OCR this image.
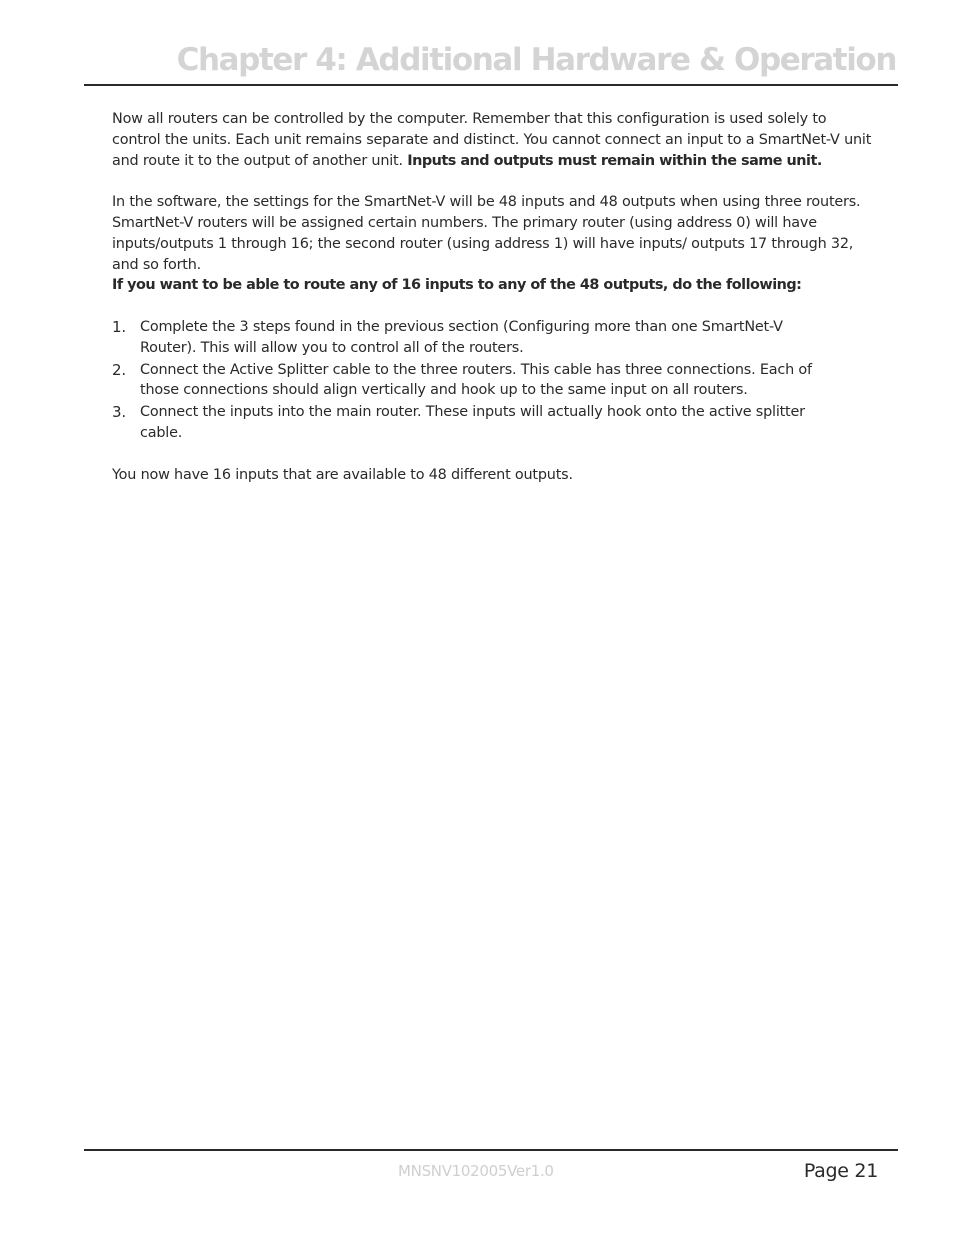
Chapter 4: Additional Hardware & Operation

Now all routers can be controlled by the computer. Remember that this configuration is used solely to control the units. Each unit remains separate and distinct. You cannot connect an input to a SmartNet-V unit and route it to the output of another unit. Inputs and outputs must remain within the same unit.

In the software, the settings for the SmartNet-V will be 48 inputs and 48 outputs when using three routers. SmartNet-V routers will be assigned certain numbers. The primary router (using address 0) will have inputs/outputs 1 through 16; the second router (using address 1) will have inputs/ outputs 17 through 32, and so forth.

If you want to be able to route any of 16 inputs to any of the 48 outputs, do the following:

1. Complete the 3 steps found in the previous section (Configuring more than one SmartNet-V Router). This will allow you to control all of the routers.
2. Connect the Active Splitter cable to the three routers. This cable has three connections. Each of those connections should align vertically and hook up to the same input on all routers.
3. Connect the inputs into the main router. These inputs will actually hook onto the active splitter cable.

You now have 16 inputs that are available to 48 different outputs.

MNSNV102005Ver1.0	Page 21
